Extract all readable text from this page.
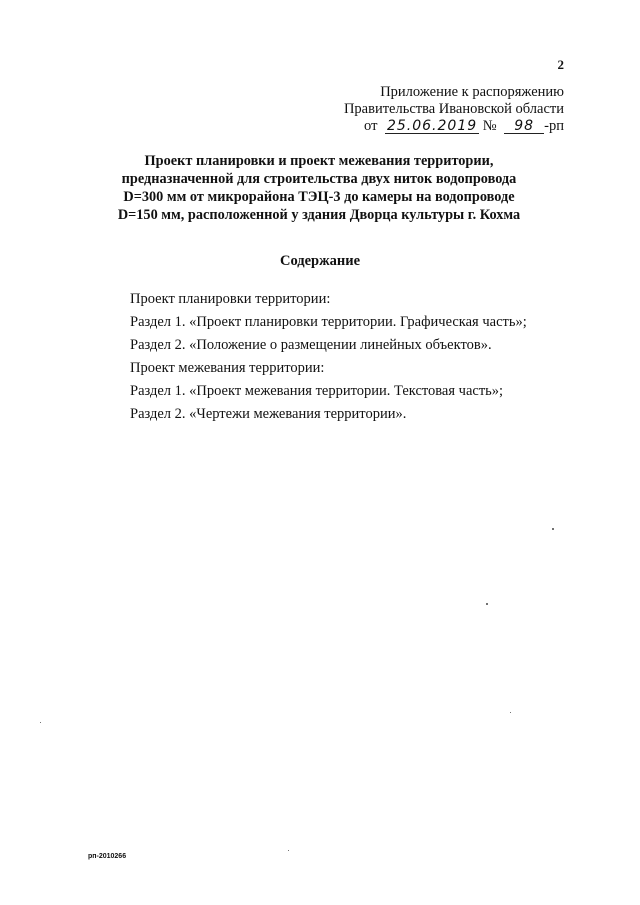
2
Приложение к распоряжению
Правительства Ивановской области
от 25.06.2019 № 98 -рп
Проект планировки и проект межевания территории,
предназначенной для строительства двух ниток водопровода
D=300 мм от микрорайона ТЭЦ-3 до камеры на водопроводе
D=150 мм, расположенной у здания Дворца культуры г. Кохма
Содержание
Проект планировки территории:
Раздел 1. «Проект планировки территории. Графическая часть»;
Раздел 2. «Положение о размещении линейных объектов».
Проект межевания территории:
Раздел 1. «Проект межевания территории. Текстовая часть»;
Раздел 2. «Чертежи межевания территории».
рп-2010266
